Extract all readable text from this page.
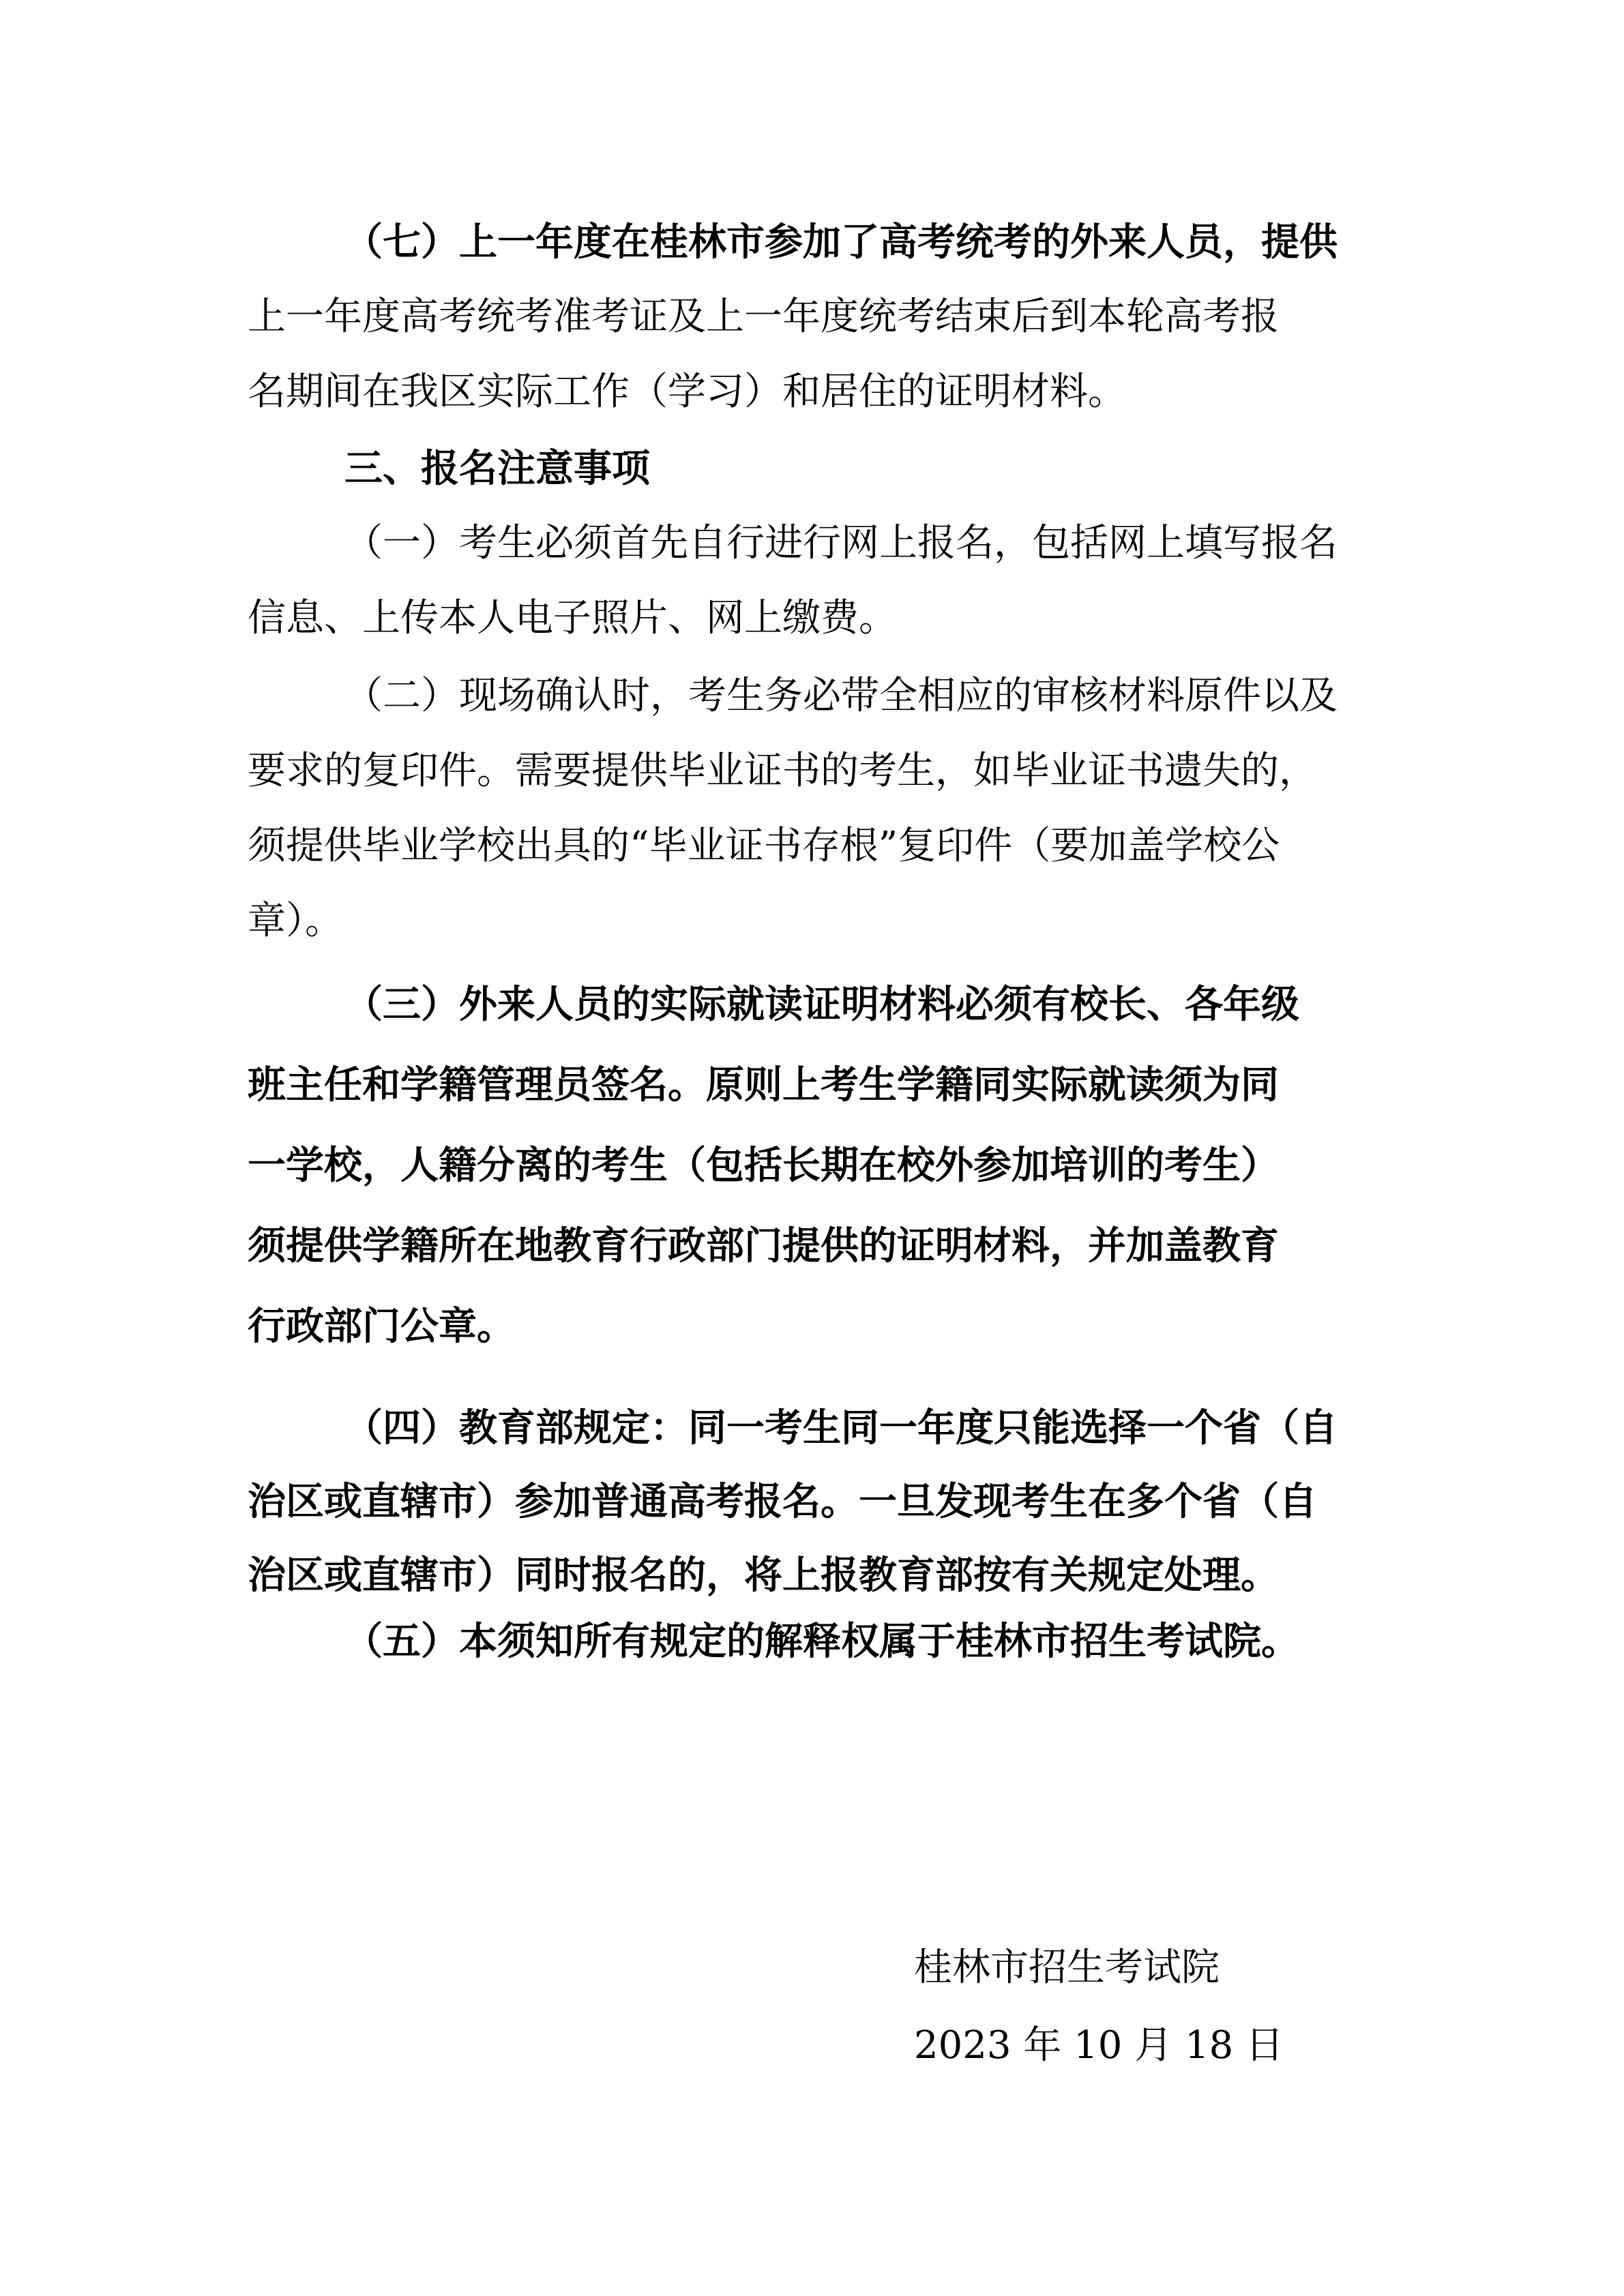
（七）上一年度在桂林市参加了高考统考的外来人员，提供
上一年度高考统考准考证及上一年度统考结束后到本轮高考报
名期间在我区实际工作（学习）和居住的证明材料。
三、报名注意事项
（一）考生必须首先自行进行网上报名，包括网上填写报名
信息、上传本人电子照片、网上缴费。
（二）现场确认时，考生务必带全相应的审核材料原件以及
要求的复印件。需要提供毕业证书的考生，如毕业证书遗失的，
须提供毕业学校出具的“毕业证书存根”复印件（要加盖学校公
章）。
（三）外来人员的实际就读证明材料必须有校长、各年级
班主任和学籍管理员签名。原则上考生学籍同实际就读须为同
一学校，人籍分离的考生（包括长期在校外参加培训的考生）
须提供学籍所在地教育行政部门提供的证明材料，并加盖教育
行政部门公章。
（四）教育部规定：同一考生同一年度只能选择一个省（自
治区或直辖市）参加普通高考报名。一旦发现考生在多个省（自
治区或直辖市）同时报名的，将上报教育部按有关规定处理。
（五）本须知所有规定的解释权属于桂林市招生考试院。
桂林市招生考试院
2023 年 10 月 18 日
